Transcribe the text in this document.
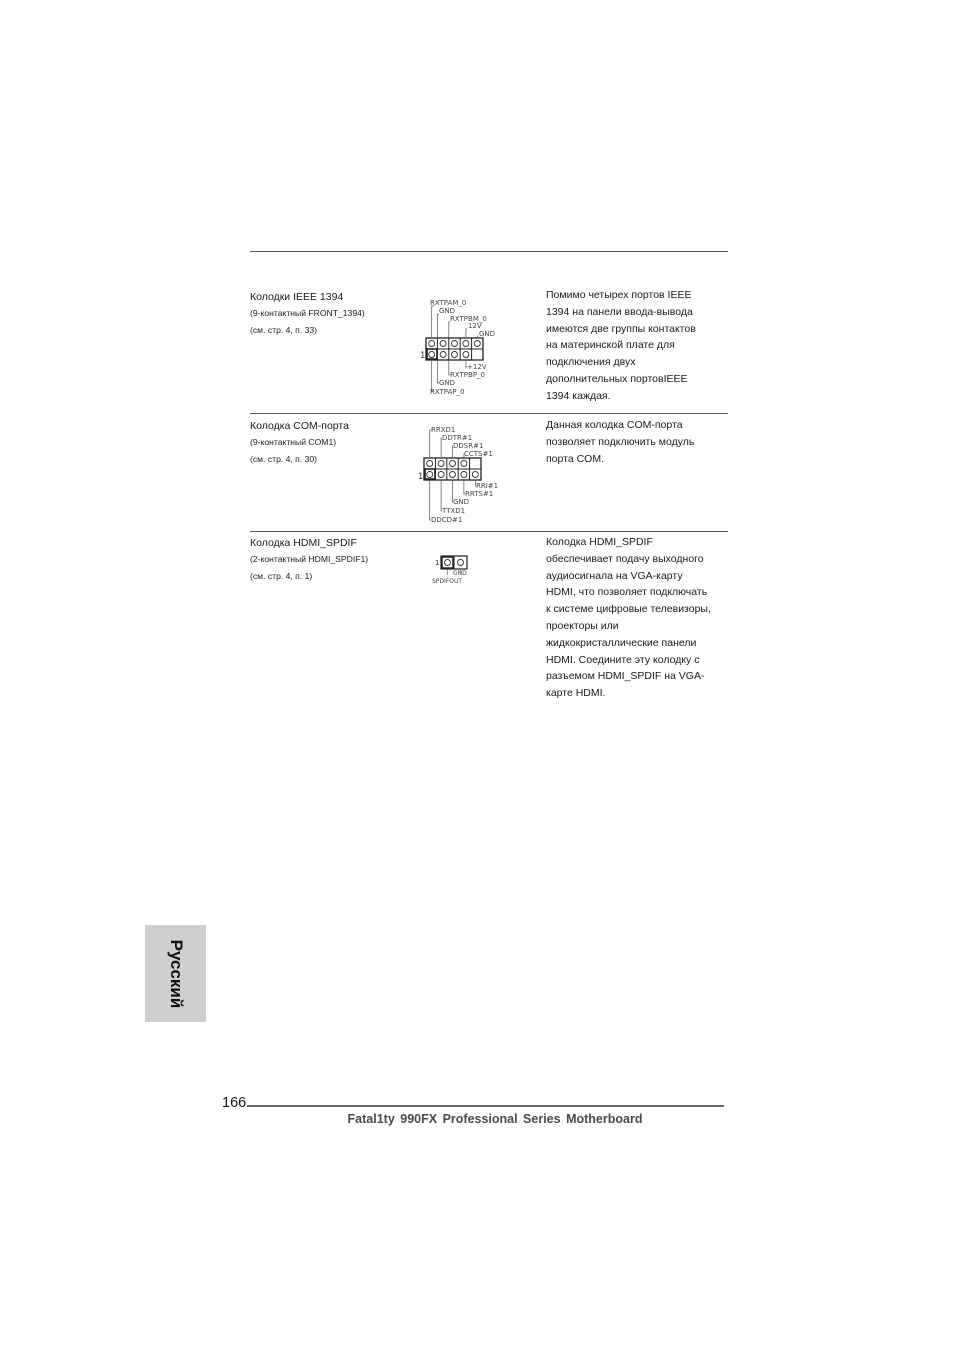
Колодки IEEE 1394
(9-контактный FRONT_1394)
(см. стр. 4, п. 33)
RXTPAM_0
GND
RXTPBM_0
12V
GND
+12V
RXTPBP_0
GND
RXTPAP_0
1
Помимо четырех портов IEEE
1394 на панели ввода-вывода
имеются две группы контактов
на материнской плате для
подключения двух
дополнительных портовIEEE
1394 каждая.
Колодка COM-порта
(9-контактный COM1)
(см. стр. 4, п. 30)
RRXD1
DDTR#1
DDSR#1
CCTS#1
RRI#1
RRTS#1
GND
TTXD1
DDCD#1
1
Данная колодка COM-порта
позволяет подключить модуль
порта COM.
Колодка HDMI_SPDIF
(2-контактный HDMI_SPDIF1)
(см. стр. 4, п. 1)	GND
SPDIFOUT
1
Колодка HDMI_SPDIF
обеспечивает подачу выходного
аудиосигнала на VGA-карту
HDMI, что позволяет подключать
к системе цифровые телевизоры,
проекторы или
жидкокристаллические панели
HDMI. Соедините эту колодку с
разъемом HDMI_SPDIF на VGA-
карте HDMI.
Русский
166
Fatal1ty 990FX Professional Series Motherboard
